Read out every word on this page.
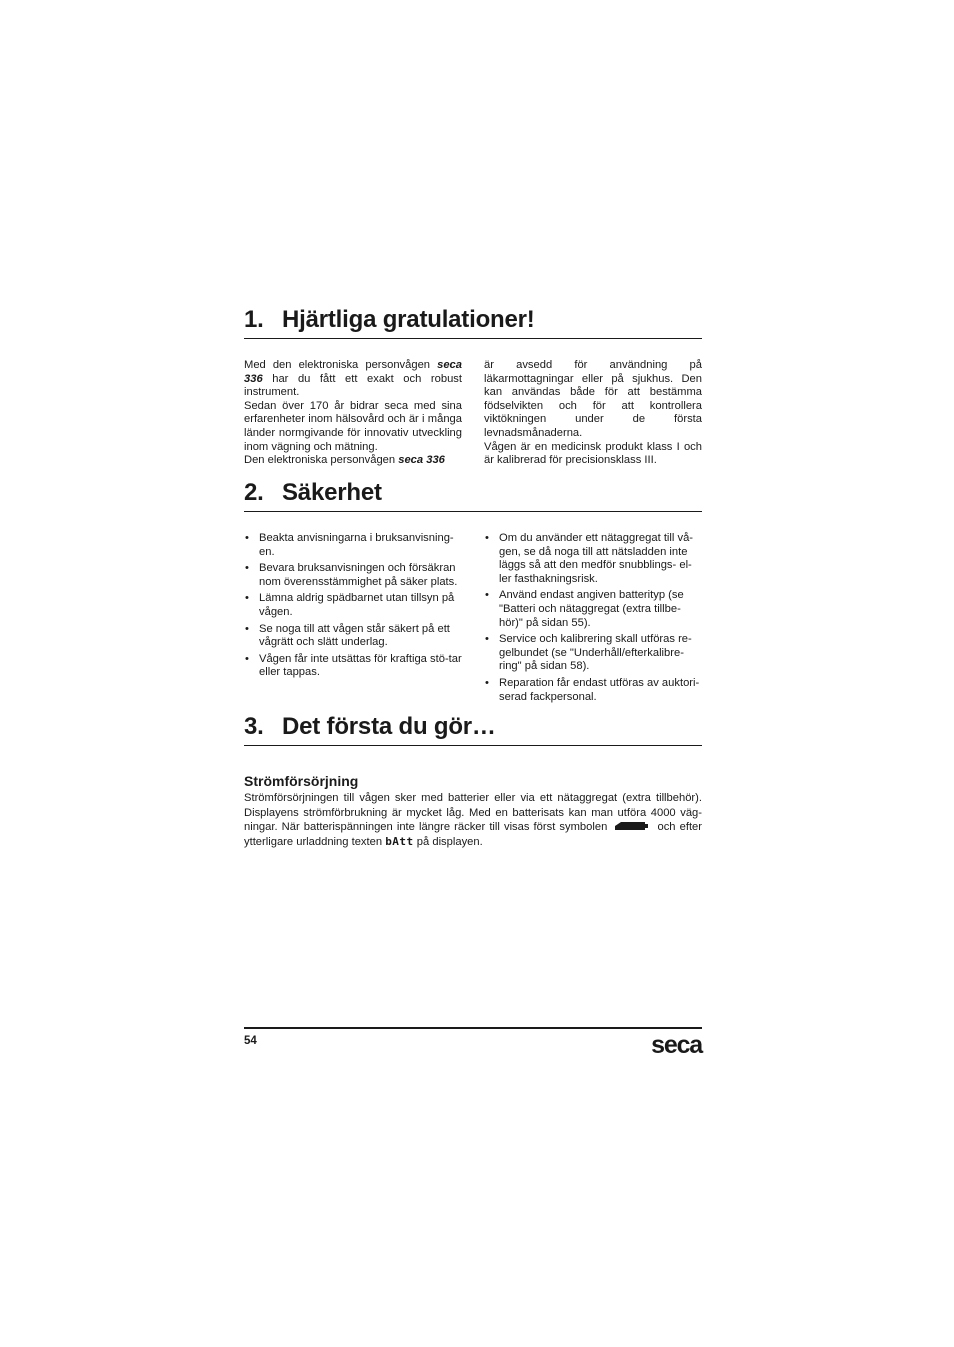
1. Hjärtliga gratulationer!

Med den elektroniska personvågen seca 336 har du fått ett exakt och robust instrument.

Sedan över 170 år bidrar seca med sina erfarenheter inom hälsovård och är i många länder normgivande för innovativ utveckling inom vägning och mätning.

Den elektroniska personvågen seca 336

är avsedd för användning på läkarmottagningar eller på sjukhus. Den kan användas både för att bestämma födselvikten och för att kontrollera viktökningen under de första levnadsmånaderna.

Vågen är en medicinsk produkt klass I och är kalibrerad för precisionsklass III.

2. Säkerhet
• Beakta anvisningarna i bruksanvisning-en.
• Bevara bruksanvisningen och försäkran nom överensstämmighet på säker plats.
• Lämna aldrig spädbarnet utan tillsyn på vågen.
• Se noga till att vågen står säkert på ett vågrätt och slätt underlag.
• Vågen får inte utsättas för kraftiga stö-tar eller tappas.
• Om du använder ett nätaggregat till vå-gen, se då noga till att nätsladden inte läggs så att den medför snubblings- el-ler fasthakningsrisk.
• Använd endast angiven batterityp (se "Batteri och nätaggregat (extra tillbe-hör)" på sidan 55).
• Service och kalibrering skall utföras re-gelbundet (se "Underhåll/efterkalibre-ring" på sidan 58).
• Reparation får endast utföras av auktori-serad fackpersonal.
3. Det första du gör…
Strömförsörjning

Strömförsörjningen till vågen sker med batterier eller via ett nätaggregat (extra tillbehör). Displayens strömförbrukning är mycket låg. Med en batterisats kan man utföra 4000 väg-ningar. När batterispänningen inte längre räcker till visas först symbolen	och efter ytterligare urladdning texten bAtt på displayen.

54	seca
